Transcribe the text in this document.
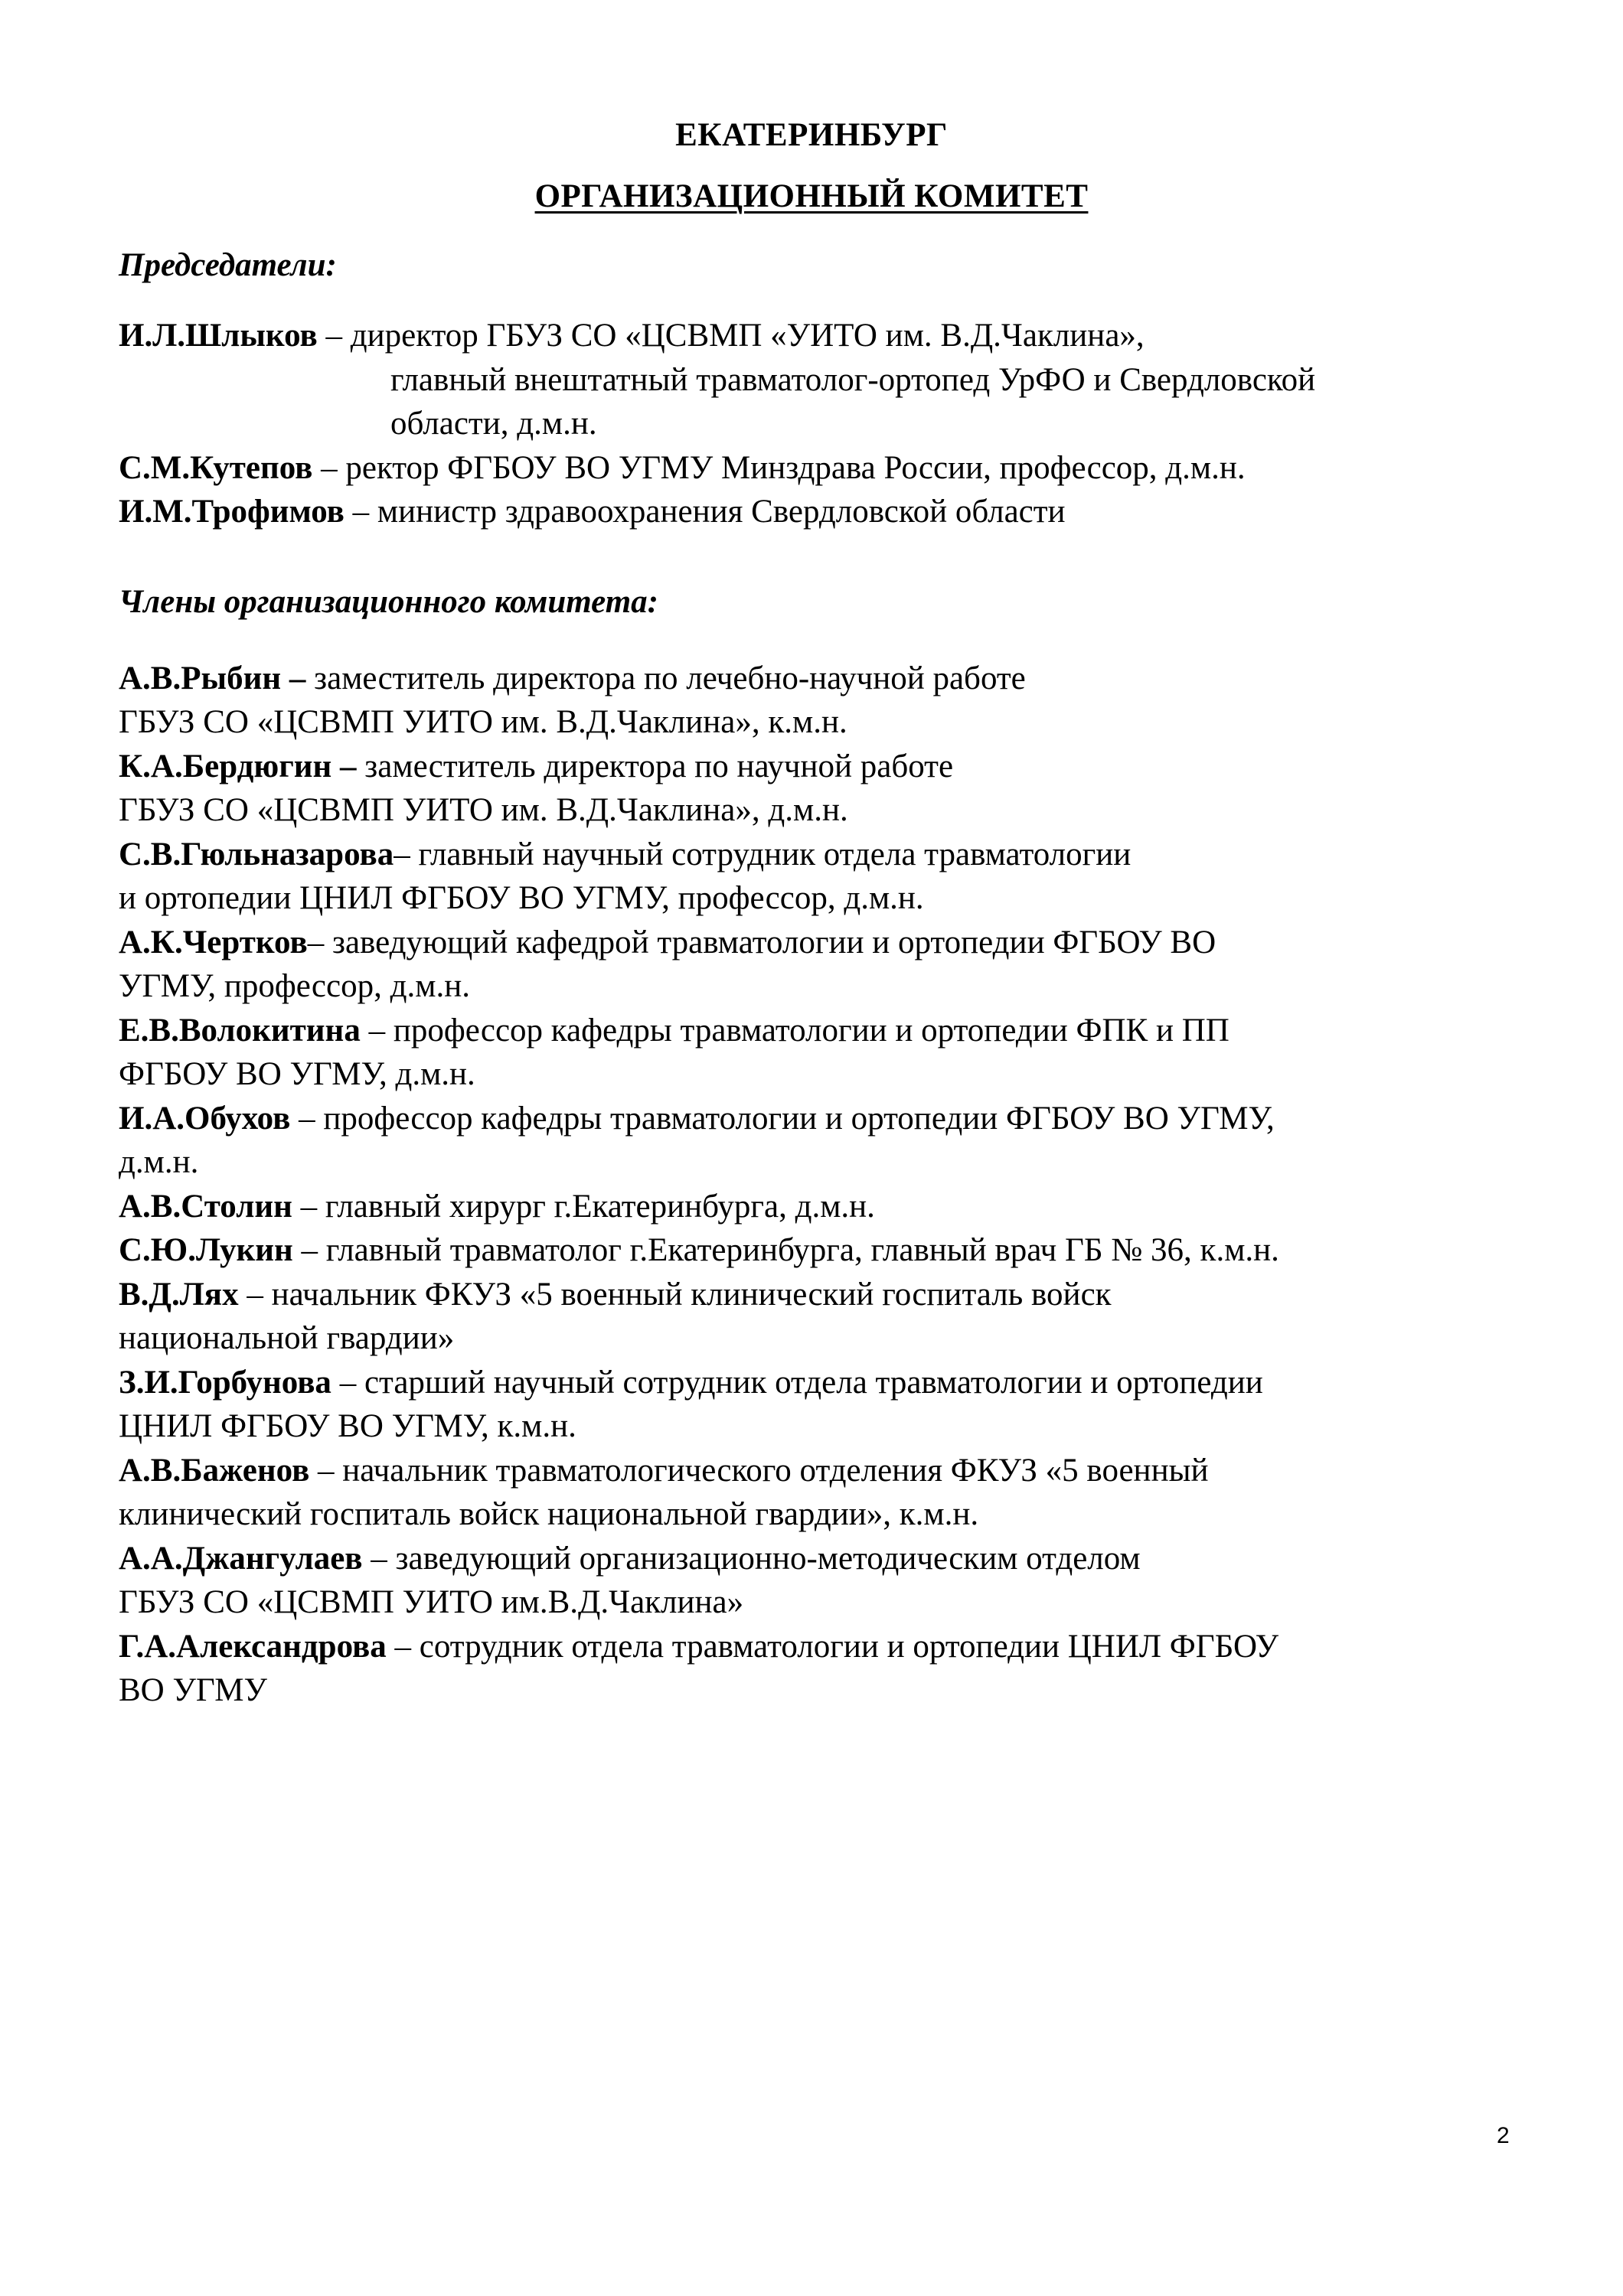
ЕКАТЕРИНБУРГ
ОРГАНИЗАЦИОННЫЙ КОМИТЕТ
Председатели:
И.Л.Шлыков – директор ГБУЗ СО «ЦСВМП «УИТО им. В.Д.Чаклина»,
главный внештатный травматолог-ортопед УрФО и Свердловской
области, д.м.н.
С.М.Кутепов – ректор ФГБОУ ВО УГМУ Минздрава России, профессор, д.м.н.
И.М.Трофимов – министр здравоохранения Свердловской области
Члены организационного комитета:
А.В.Рыбин – заместитель директора по лечебно-научной работе
ГБУЗ СО «ЦСВМП УИТО им. В.Д.Чаклина», к.м.н.
К.А.Бердюгин – заместитель директора по научной работе
ГБУЗ СО «ЦСВМП УИТО им. В.Д.Чаклина», д.м.н.
С.В.Гюльназарова– главный научный сотрудник отдела травматологии
и ортопедии ЦНИЛ ФГБОУ ВО УГМУ, профессор, д.м.н.
А.К.Чертков– заведующий кафедрой травматологии и ортопедии ФГБОУ ВО
УГМУ, профессор, д.м.н.
Е.В.Волокитина – профессор кафедры травматологии и ортопедии ФПК и ПП
ФГБОУ ВО УГМУ, д.м.н.
И.А.Обухов – профессор кафедры травматологии и ортопедии ФГБОУ ВО УГМУ,
д.м.н.
А.В.Столин – главный хирург г.Екатеринбурга, д.м.н.
С.Ю.Лукин – главный травматолог г.Екатеринбурга, главный врач ГБ № 36, к.м.н.
В.Д.Лях – начальник ФКУЗ «5 военный клинический госпиталь войск
национальной гвардии»
З.И.Горбунова – старший научный сотрудник отдела травматологии и ортопедии
ЦНИЛ ФГБОУ ВО УГМУ, к.м.н.
А.В.Баженов – начальник травматологического отделения ФКУЗ «5 военный
клинический госпиталь войск национальной гвардии», к.м.н.
А.А.Джангулаев – заведующий организационно-методическим отделом
ГБУЗ СО «ЦСВМП УИТО им.В.Д.Чаклина»
Г.А.Александрова – сотрудник отдела травматологии и ортопедии ЦНИЛ ФГБОУ
ВО УГМУ
2
